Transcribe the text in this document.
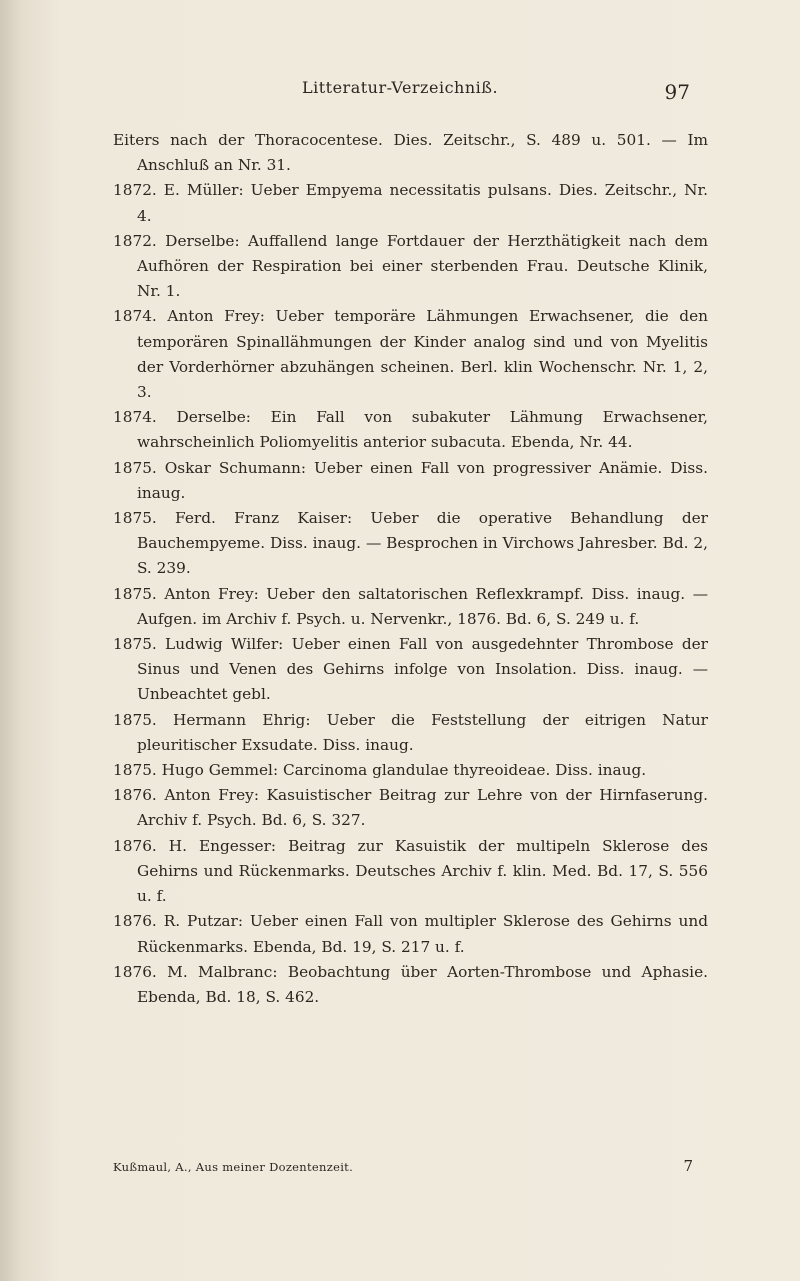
Litteratur-Verzeichniß.	97

Eiters nach der Thoracocentese. Dies. Zeitschr., S. 489 u. 501. — Im Anschluß an Nr. 31.

1872. E. Müller: Ueber Empyema necessitatis pulsans. Dies. Zeitschr., Nr. 4.

1872. Derselbe: Auffallend lange Fortdauer der Herzthätigkeit nach dem Aufhören der Respiration bei einer sterbenden Frau. Deutsche Klinik, Nr. 1.

1874. Anton Frey: Ueber temporäre Lähmungen Erwachsener, die den temporären Spinallähmungen der Kinder analog sind und von Myelitis der Vorderhörner abzuhängen scheinen. Berl. klin Wochenschr. Nr. 1, 2, 3.

1874. Derselbe: Ein Fall von subakuter Lähmung Erwachsener, wahrscheinlich Poliomyelitis anterior subacuta. Ebenda, Nr. 44.

1875. Oskar Schumann: Ueber einen Fall von progressiver Anämie. Diss. inaug.

1875. Ferd. Franz Kaiser: Ueber die operative Behandlung der Bauchempyeme. Diss. inaug. — Besprochen in Virchows Jahresber. Bd. 2, S. 239.

1875. Anton Frey: Ueber den saltatorischen Reflexkrampf. Diss. inaug. — Aufgen. im Archiv f. Psych. u. Nervenkr., 1876. Bd. 6, S. 249 u. f.

1875. Ludwig Wilfer: Ueber einen Fall von ausgedehnter Thrombose der Sinus und Venen des Gehirns infolge von Insolation. Diss. inaug. — Unbeachtet gebl.

1875. Hermann Ehrig: Ueber die Feststellung der eitrigen Natur pleuritischer Exsudate. Diss. inaug.

1875. Hugo Gemmel: Carcinoma glandulae thyreoideae. Diss. inaug.

1876. Anton Frey: Kasuistischer Beitrag zur Lehre von der Hirnfaserung. Archiv f. Psych. Bd. 6, S. 327.

1876. H. Engesser: Beitrag zur Kasuistik der multipeln Sklerose des Gehirns und Rückenmarks. Deutsches Archiv f. klin. Med. Bd. 17, S. 556 u. f.

1876. R. Putzar: Ueber einen Fall von multipler Sklerose des Gehirns und Rückenmarks. Ebenda, Bd. 19, S. 217 u. f.

1876. M. Malbranc: Beobachtung über Aorten-Thrombose und Aphasie. Ebenda, Bd. 18, S. 462.

Kußmaul, A., Aus meiner Dozentenzeit.	7
